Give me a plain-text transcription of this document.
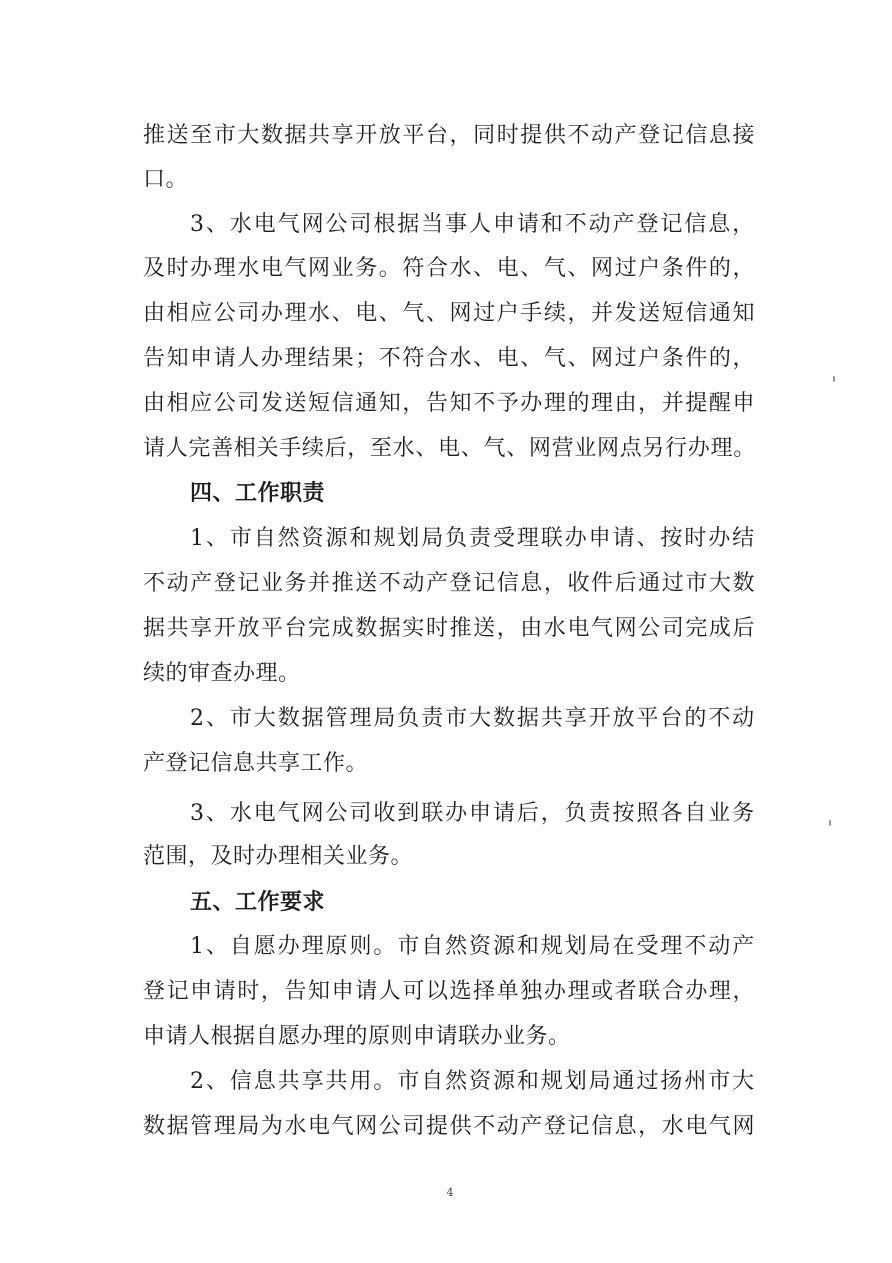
推送至市大数据共享开放平台，同时提供不动产登记信息接

口。

3、水电气网公司根据当事人申请和不动产登记信息，

及时办理水电气网业务。符合水、电、气、网过户条件的，

由相应公司办理水、电、气、网过户手续，并发送短信通知

告知申请人办理结果；不符合水、电、气、网过户条件的，

由相应公司发送短信通知，告知不予办理的理由，并提醒申

请人完善相关手续后，至水、电、气、网营业网点另行办理。

四、工作职责

1、市自然资源和规划局负责受理联办申请、按时办结

不动产登记业务并推送不动产登记信息，收件后通过市大数

据共享开放平台完成数据实时推送，由水电气网公司完成后

续的审查办理。

2、市大数据管理局负责市大数据共享开放平台的不动

产登记信息共享工作。

3、水电气网公司收到联办申请后，负责按照各自业务

范围，及时办理相关业务。

五、工作要求

1、自愿办理原则。市自然资源和规划局在受理不动产

登记申请时，告知申请人可以选择单独办理或者联合办理，

申请人根据自愿办理的原则申请联办业务。

2、信息共享共用。市自然资源和规划局通过扬州市大

数据管理局为水电气网公司提供不动产登记信息，水电气网

4
